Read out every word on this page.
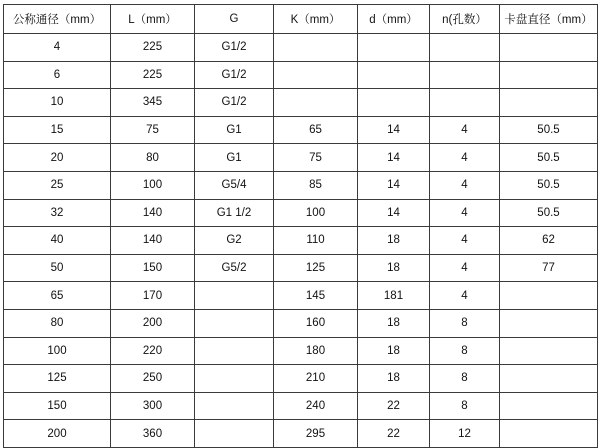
公称通径（mm）	L（mm）	G	K（mm）	d（mm）	n(孔数）	卡盘直径（mm）
4	225	G1/2				
6	225	G1/2				
10	345	G1/2				
15	75	G1	65	14	4	50.5
20	80	G1	75	14	4	50.5
25	100	G5/4	85	14	4	50.5
32	140	G1 1/2	100	14	4	50.5
40	140	G2	110	18	4	62
50	150	G5/2	125	18	4	77
65	170		145	181	4	
80	200		160	18	8	
100	220		180	18	8	
125	250		210	18	8	
150	300		240	22	8	
200	360		295	22	12	
